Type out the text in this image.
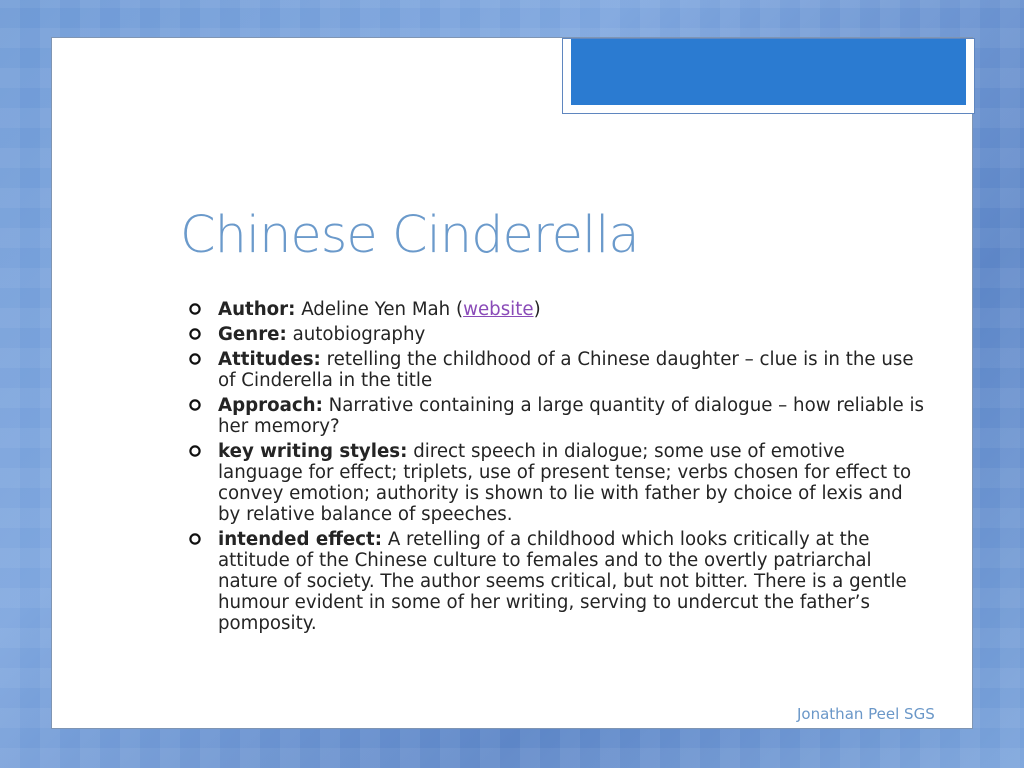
Chinese Cinderella
Author: Adeline Yen Mah (website)
Genre: autobiography
Attitudes: retelling the childhood of a Chinese daughter – clue is in the use of Cinderella in the title
Approach: Narrative containing a large quantity of dialogue – how reliable is her memory?
key writing styles: direct speech in dialogue; some use of emotive language for effect; triplets, use of present tense; verbs chosen for effect to convey emotion; authority is shown to lie with father by choice of lexis and by relative balance of speeches.
intended effect: A retelling of a childhood which looks critically at the attitude of the Chinese culture to females and to the overtly patriarchal nature of society. The author seems critical, but not bitter. There is a gentle humour evident in some of her writing, serving to undercut the father’s pomposity.
Jonathan Peel SGS
